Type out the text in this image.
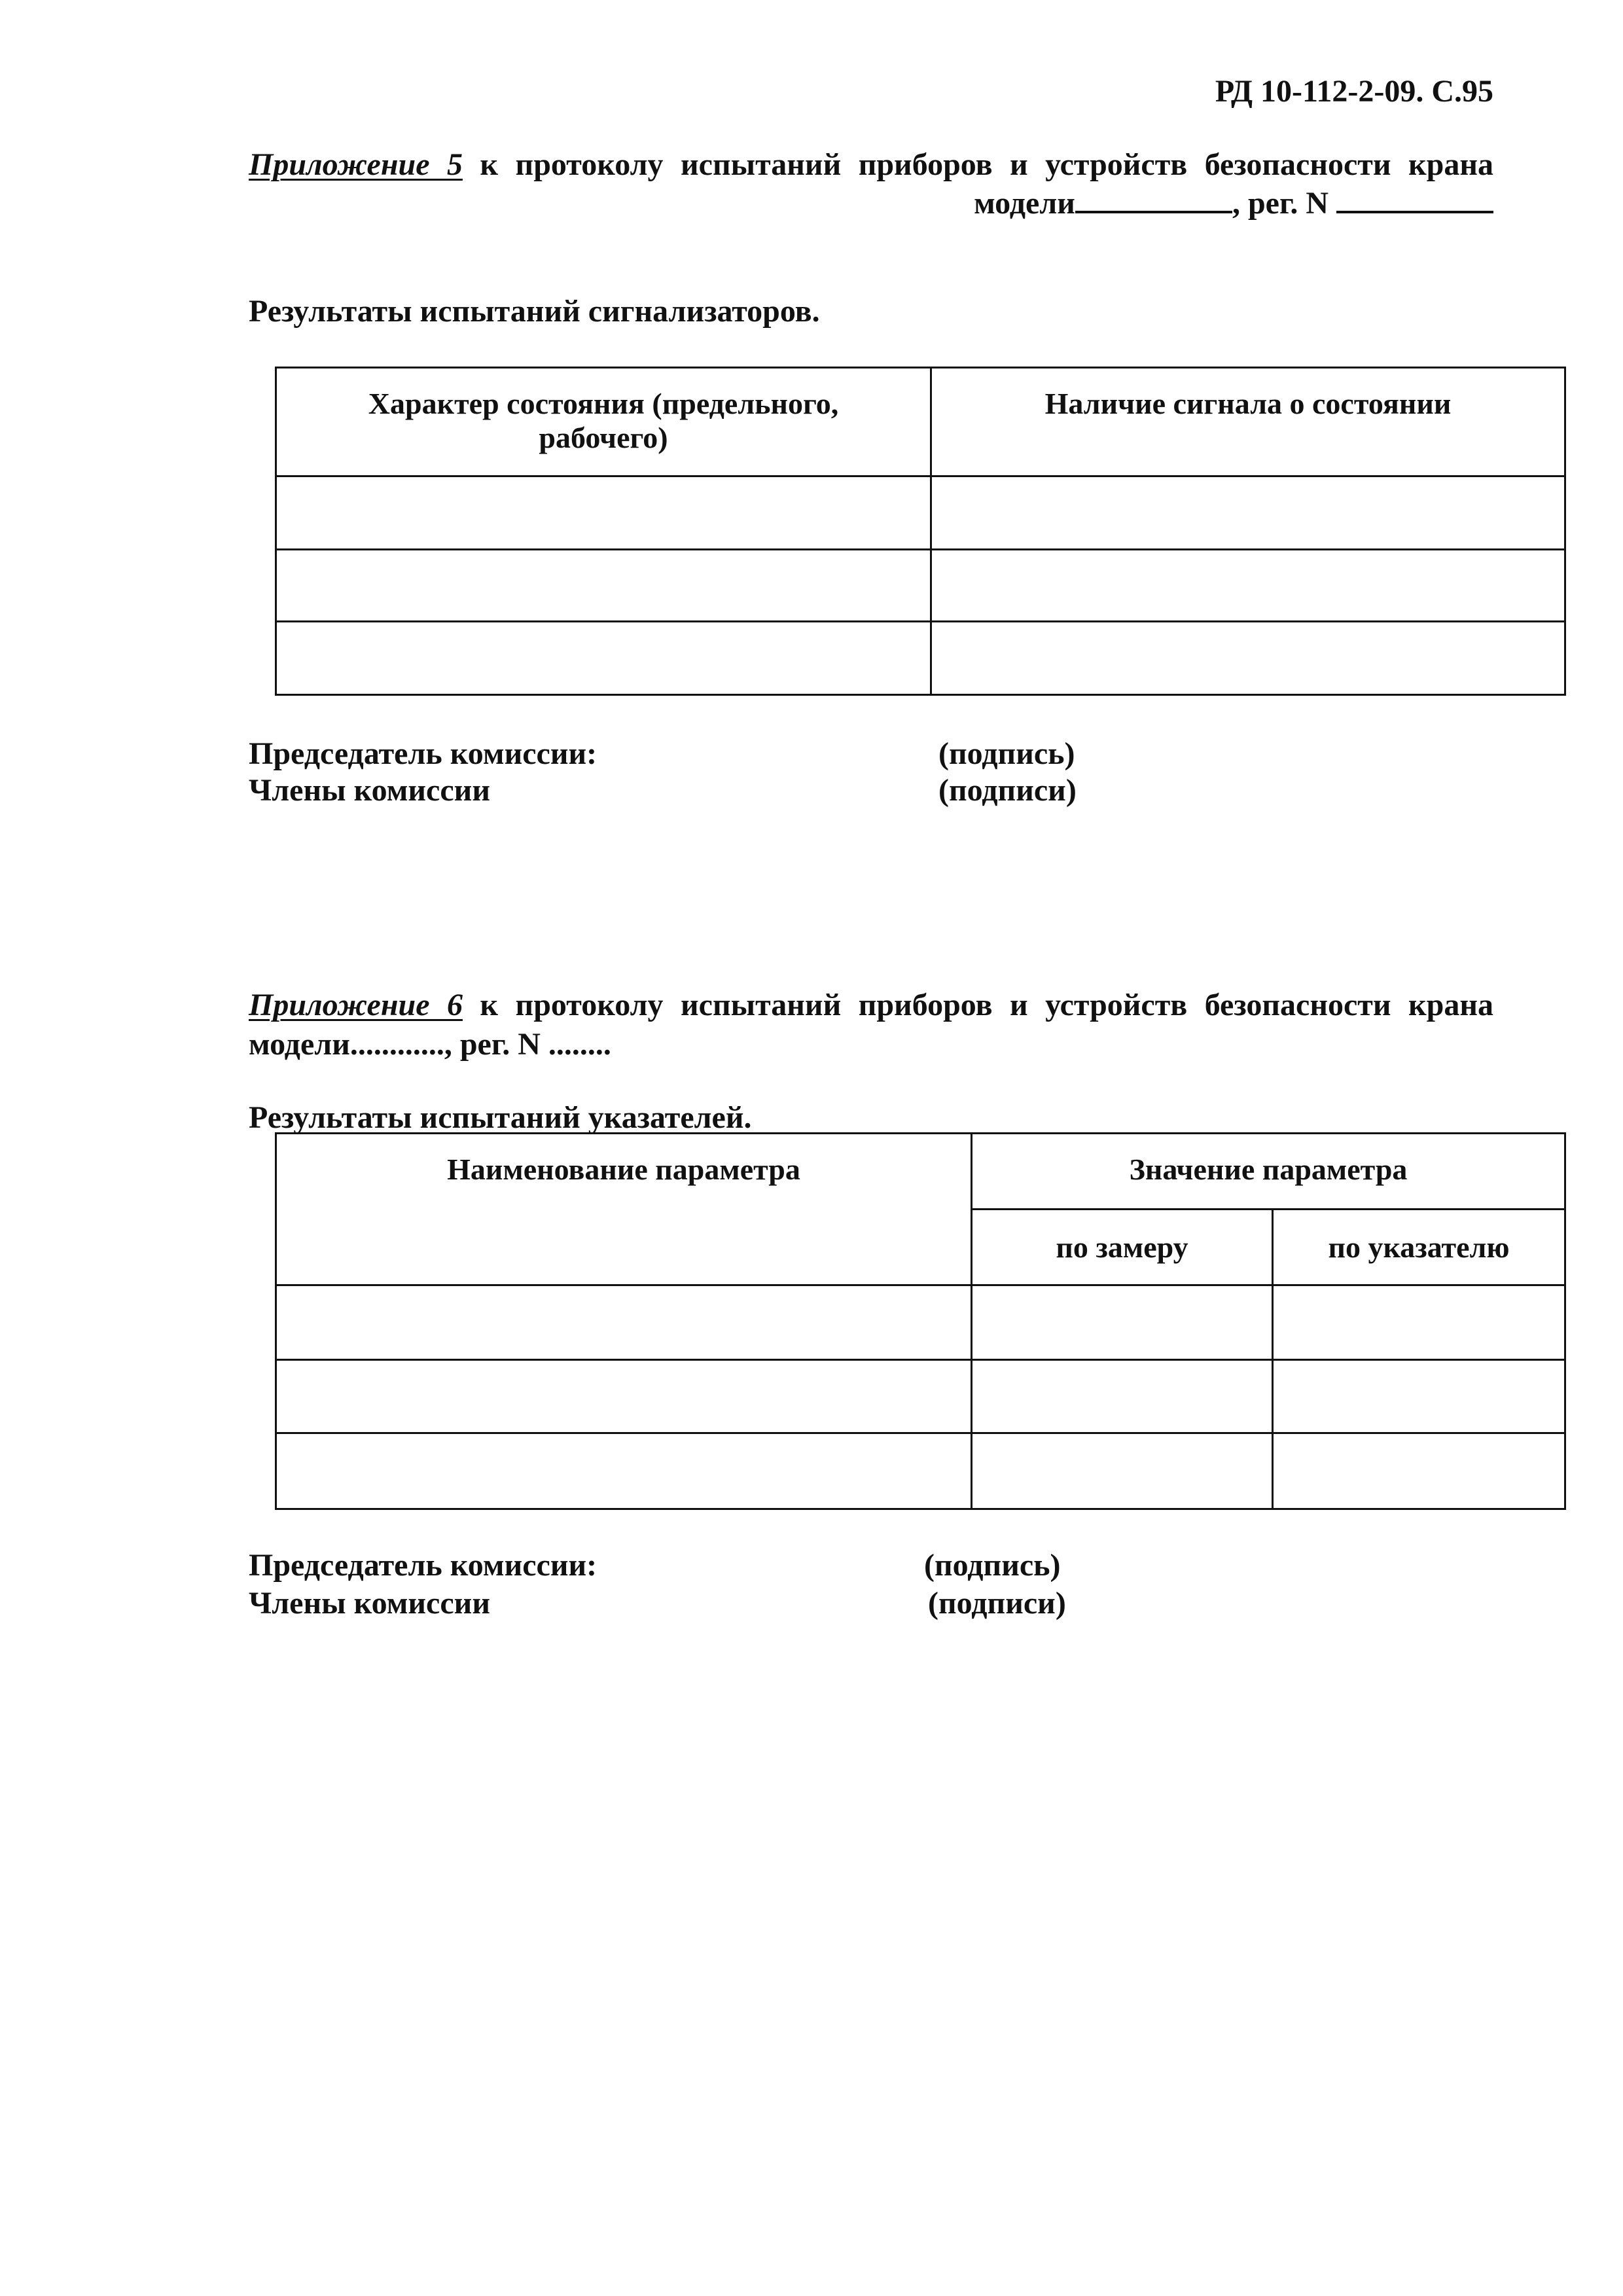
РД 10-112-2-09. С.95
Приложение 5 к протоколу испытаний приборов и устройств безопасности крана
модели	, рег. N
Результаты испытаний сигнализаторов.
Характер состояния (предельного, рабочего)	Наличие сигнала о состоянии

Председатель комиссии:	(подпись)
Члены комиссии	(подписи)
Приложение 6 к протоколу испытаний приборов и устройств безопасности крана
модели............, рег. N ........
Результаты испытаний указателей.
Наименование параметра	Значение параметра	
	по замеру	по указателю

Председатель комиссии:	(подпись)
Члены комиссии	(подписи)
